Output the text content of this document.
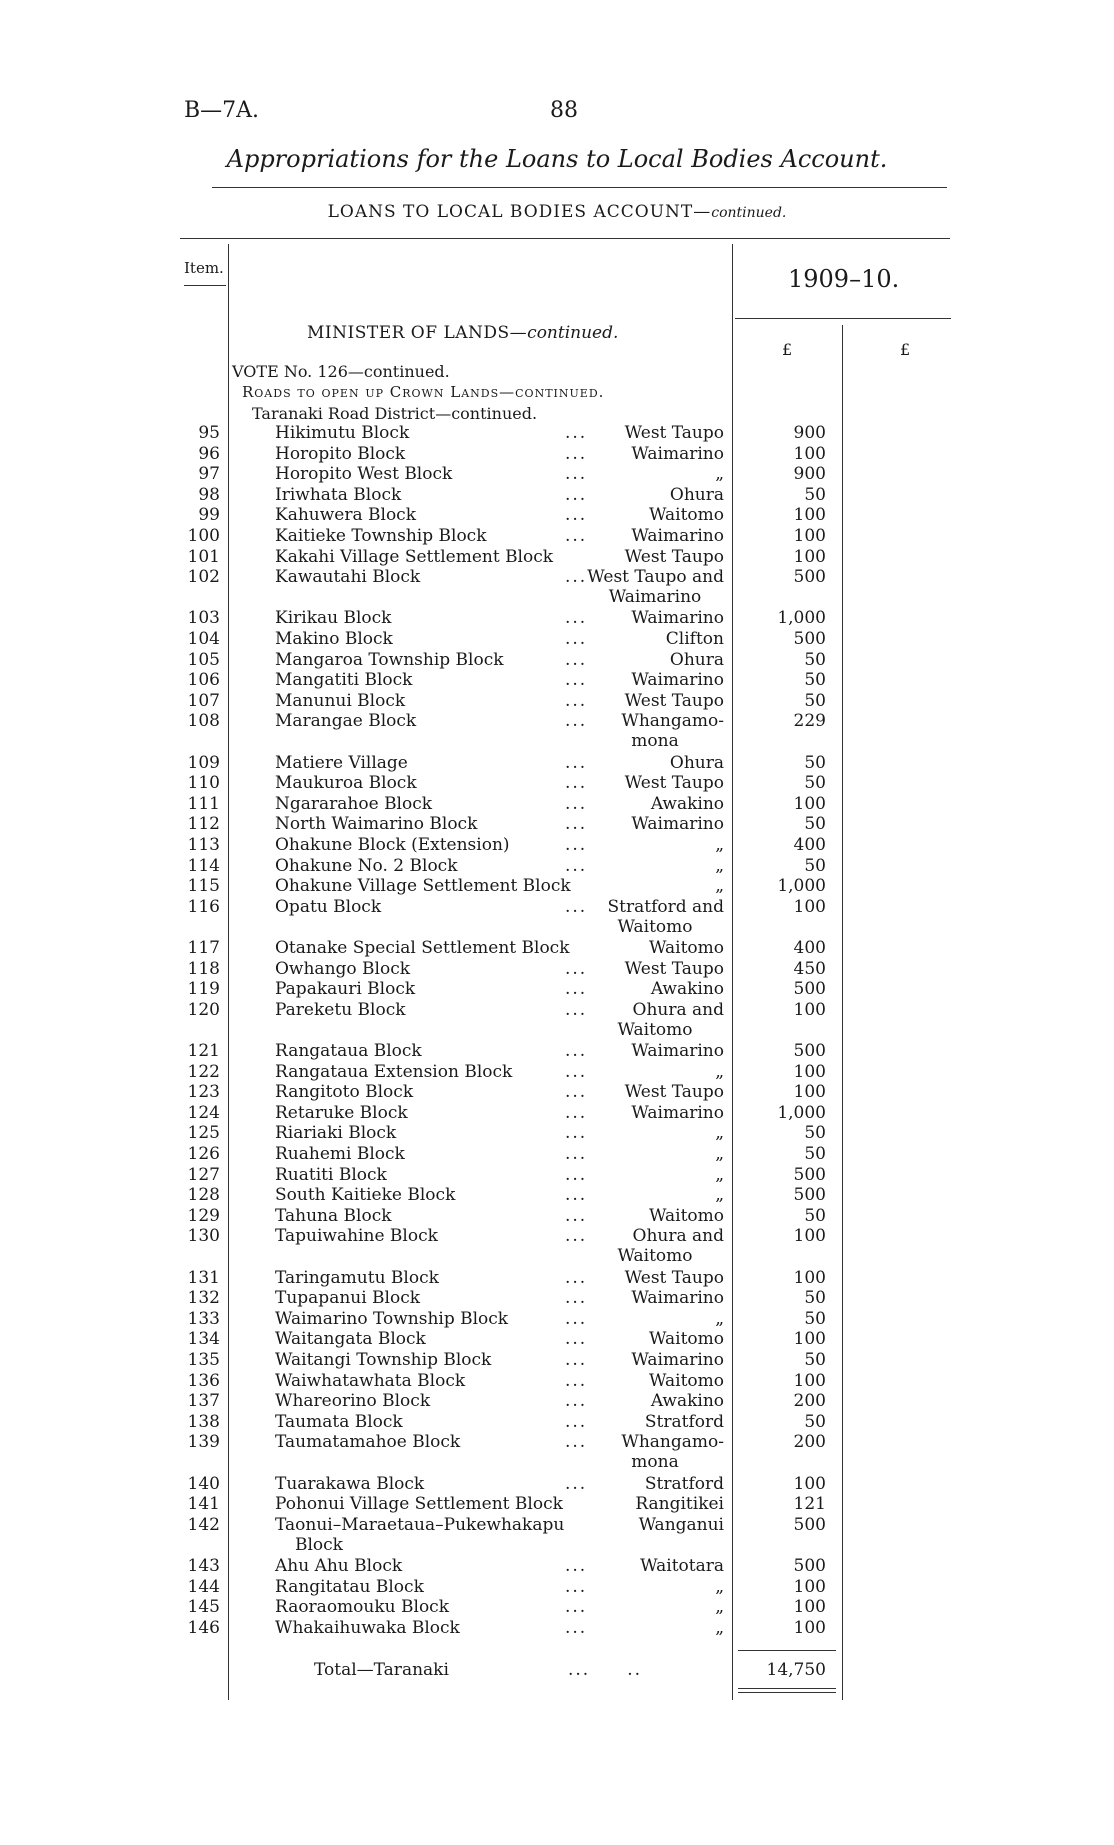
B—7A.	88
Appropriations for the Loans to Local Bodies Account.
LOANS TO LOCAL BODIES ACCOUNT—continued.
Item.	1909–10.
£	£
MINISTER OF LANDS—continued.
VOTE No. 126—continued.
Roads to open up Crown Lands—continued.
Taranaki Road District—continued.
95	Hikimutu Block	...	West Taupo	900
96	Horopito Block	...	Waimarino	100
97	Horopito West Block	...	„	900
98	Iriwhata Block	...	Ohura	50
99	Kahuwera Block	...	Waitomo	100
100	Kaitieke Township Block	...	Waimarino	100
101	Kakahi Village Settlement Block	West Taupo	100
102	Kawautahi Block	... West Taupo and	500
Waimarino
103	Kirikau Block	...	Waimarino	1,000
104	Makino Block	...	Clifton	500
105	Mangaroa Township Block	...	Ohura	50
106	Mangatiti Block	...	Waimarino	50
107	Manunui Block	...	West Taupo	50
108	Marangae Block	...	Whangamo-	229
mona
109	Matiere Village	...	Ohura	50
110	Maukuroa Block	...	West Taupo	50
111	Ngararahoe Block	...	Awakino	100
112	North Waimarino Block	...	Waimarino	50
113	Ohakune Block (Extension)	...	„	400
114	Ohakune No. 2 Block	...	„	50
115	Ohakune Village Settlement Block	„	1,000
116	Opatu Block	...	Stratford and	100
Waitomo
117	Otanake Special Settlement Block	Waitomo	400
118	Owhango Block	...	West Taupo	450
119	Papakauri Block	...	Awakino	500
120	Pareketu Block	...	Ohura and	100
Waitomo
121	Rangataua Block	...	Waimarino	500
122	Rangataua Extension Block	...	„	100
123	Rangitoto Block	...	West Taupo	100
124	Retaruke Block	...	Waimarino	1,000
125	Riariaki Block	...	„	50
126	Ruahemi Block	...	„	50
127	Ruatiti Block	...	„	500
128	South Kaitieke Block	...	„	500
129	Tahuna Block	...	Waitomo	50
130	Tapuiwahine Block	...	Ohura and	100
Waitomo
131	Taringamutu Block	...	West Taupo	100
132	Tupapanui Block	...	Waimarino	50
133	Waimarino Township Block	...	„	50
134	Waitangata Block	...	Waitomo	100
135	Waitangi Township Block	...	Waimarino	50
136	Waiwhatawhata Block	...	Waitomo	100
137	Whareorino Block	...	Awakino	200
138	Taumata Block	...	Stratford	50
139	Taumatamahoe Block	...	Whangamo-	200
mona
140	Tuarakawa Block	...	Stratford	100
141	Pohonui Village Settlement Block	Rangitikei	121
142	Taonui–Maraetaua–Pukewhakapu	Wanganui	500
Block
143	Ahu Ahu Block	...	Waitotara	500
144	Rangitatau Block	...	„	100
145	Raoraomouku Block	...	„	100
146	Whakaihuwaka Block	...	„	100
Total—Taranaki	... ..	14,750
